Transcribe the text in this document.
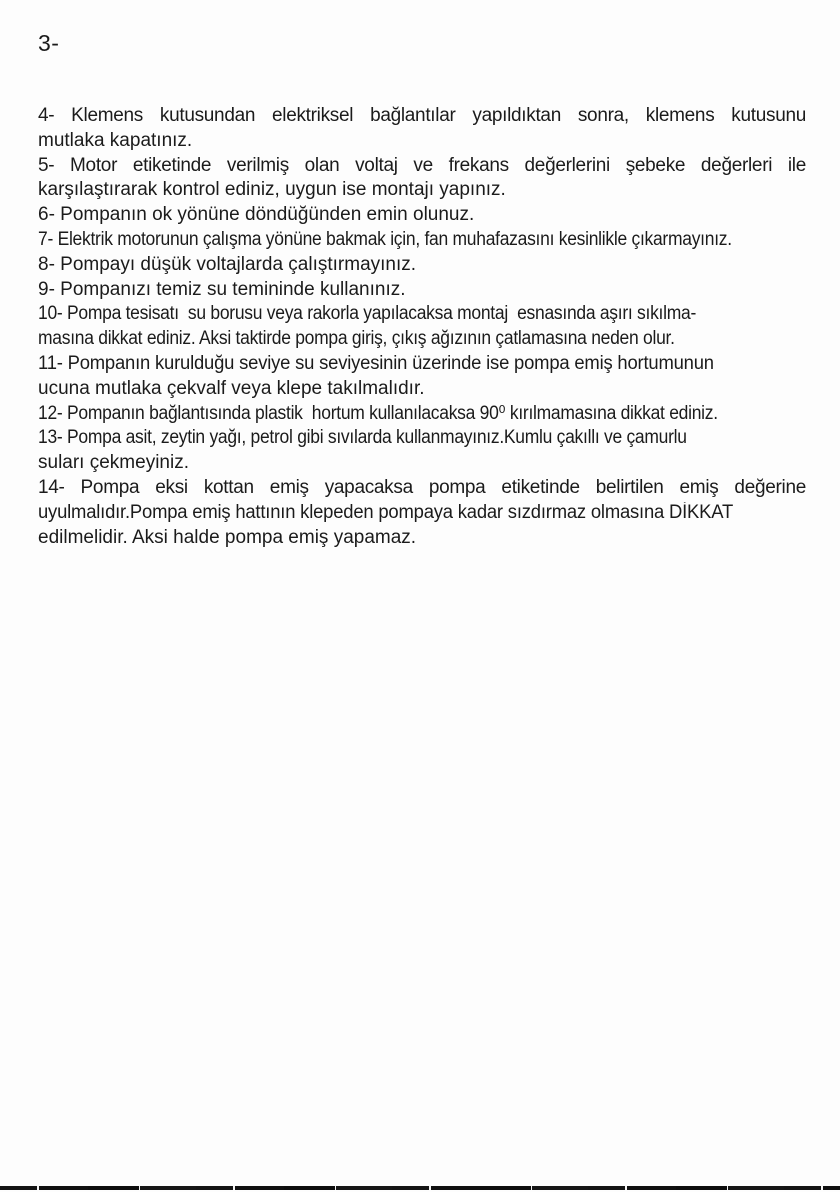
3-
4- Klemens kutusundan elektriksel bağlantılar yapıldıktan sonra, klemens kutusunu
mutlaka kapatınız.
5- Motor etiketinde verilmiş olan voltaj ve frekans değerlerini şebeke değerleri ile
karşılaştırarak kontrol ediniz, uygun ise montajı yapınız.
6- Pompanın ok yönüne döndüğünden emin olunuz.
7- Elektrik motorunun çalışma yönüne bakmak için, fan muhafazasını kesinlikle çıkarmayınız.
8- Pompayı düşük voltajlarda çalıştırmayınız.
9- Pompanızı temiz su temininde kullanınız.
10- Pompa tesisatı  su borusu veya rakorla yapılacaksa montaj  esnasında aşırı sıkılma-
masına dikkat ediniz. Aksi taktirde pompa giriş, çıkış ağızının çatlamasına neden olur.
11- Pompanın kurulduğu seviye su seviyesinin üzerinde ise pompa emiş hortumunun
ucuna mutlaka çekvalf veya klepe takılmalıdır.
12- Pompanın bağlantısında plastik  hortum kullanılacaksa 90⁰ kırılmamasına dikkat ediniz.
13- Pompa asit, zeytin yağı, petrol gibi sıvılarda kullanmayınız.Kumlu çakıllı ve çamurlu
suları çekmeyiniz.
14- Pompa eksi kottan emiş yapacaksa pompa etiketinde belirtilen emiş değerine
uyulmalıdır.Pompa emiş hattının klepeden pompaya kadar sızdırmaz olmasına DİKKAT
edilmelidir. Aksi halde pompa emiş yapamaz.
